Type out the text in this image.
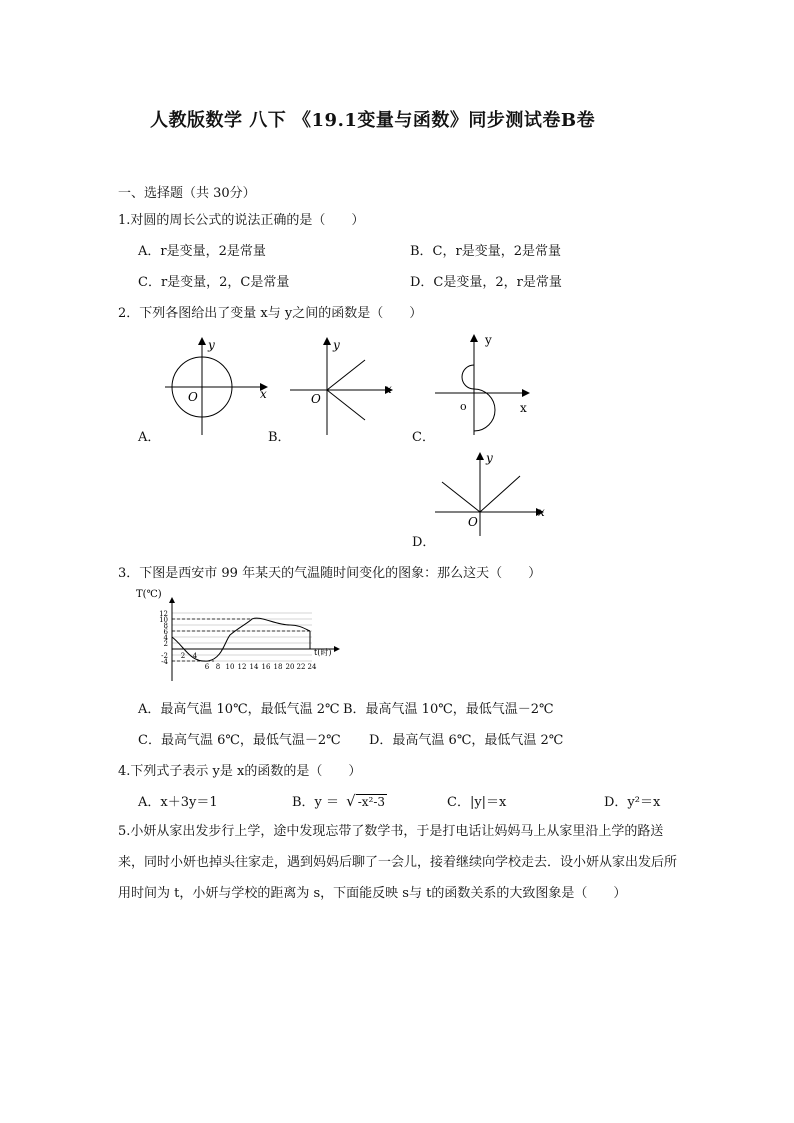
人教版数学 八下 《19.1变量与函数》同步测试卷B卷
一、选择题（共 30分）
1.对圆的周长公式的说法正确的是（　　）
A．r是变量，2是常量	B．C，r是变量，2是常量
C．r是变量，2，C是常量	D．C是变量，2，r是常量
2．下列各图给出了变量 x与 y之间的函数是（　　）
y
x
O
A．
y
x
O
B．
y
x
o
C．
y
x
O
D．
3．下图是西安市 99 年某天的气温随时间变化的图象：那么这天（　　）
T(℃)
12
10
8
6
4
2
-2
-4
2 4
6 8 10 12 14 16 18 20 22 24
t(时)
A．最高气温 10℃，最低气温 2℃ B．最高气温 10℃，最低气温－2℃
C．最高气温 6℃，最低气温－2℃ D．最高气温 6℃，最低气温 2℃
4.下列式子表示 y是 x的函数的是（　　）
A．x＋3y＝1	B．y ＝ √ -x²-3	C．|y|＝x	D．y²＝x
5.小妍从家出发步行上学，途中发现忘带了数学书，于是打电话让妈妈马上从家里沿上学的路送来，同时小妍也掉头往家走，遇到妈妈后聊了一会儿，接着继续向学校走去．设小妍从家出发后所用时间为 t，小妍与学校的距离为 s，下面能反映 s与 t的函数关系的大致图象是（　　）
